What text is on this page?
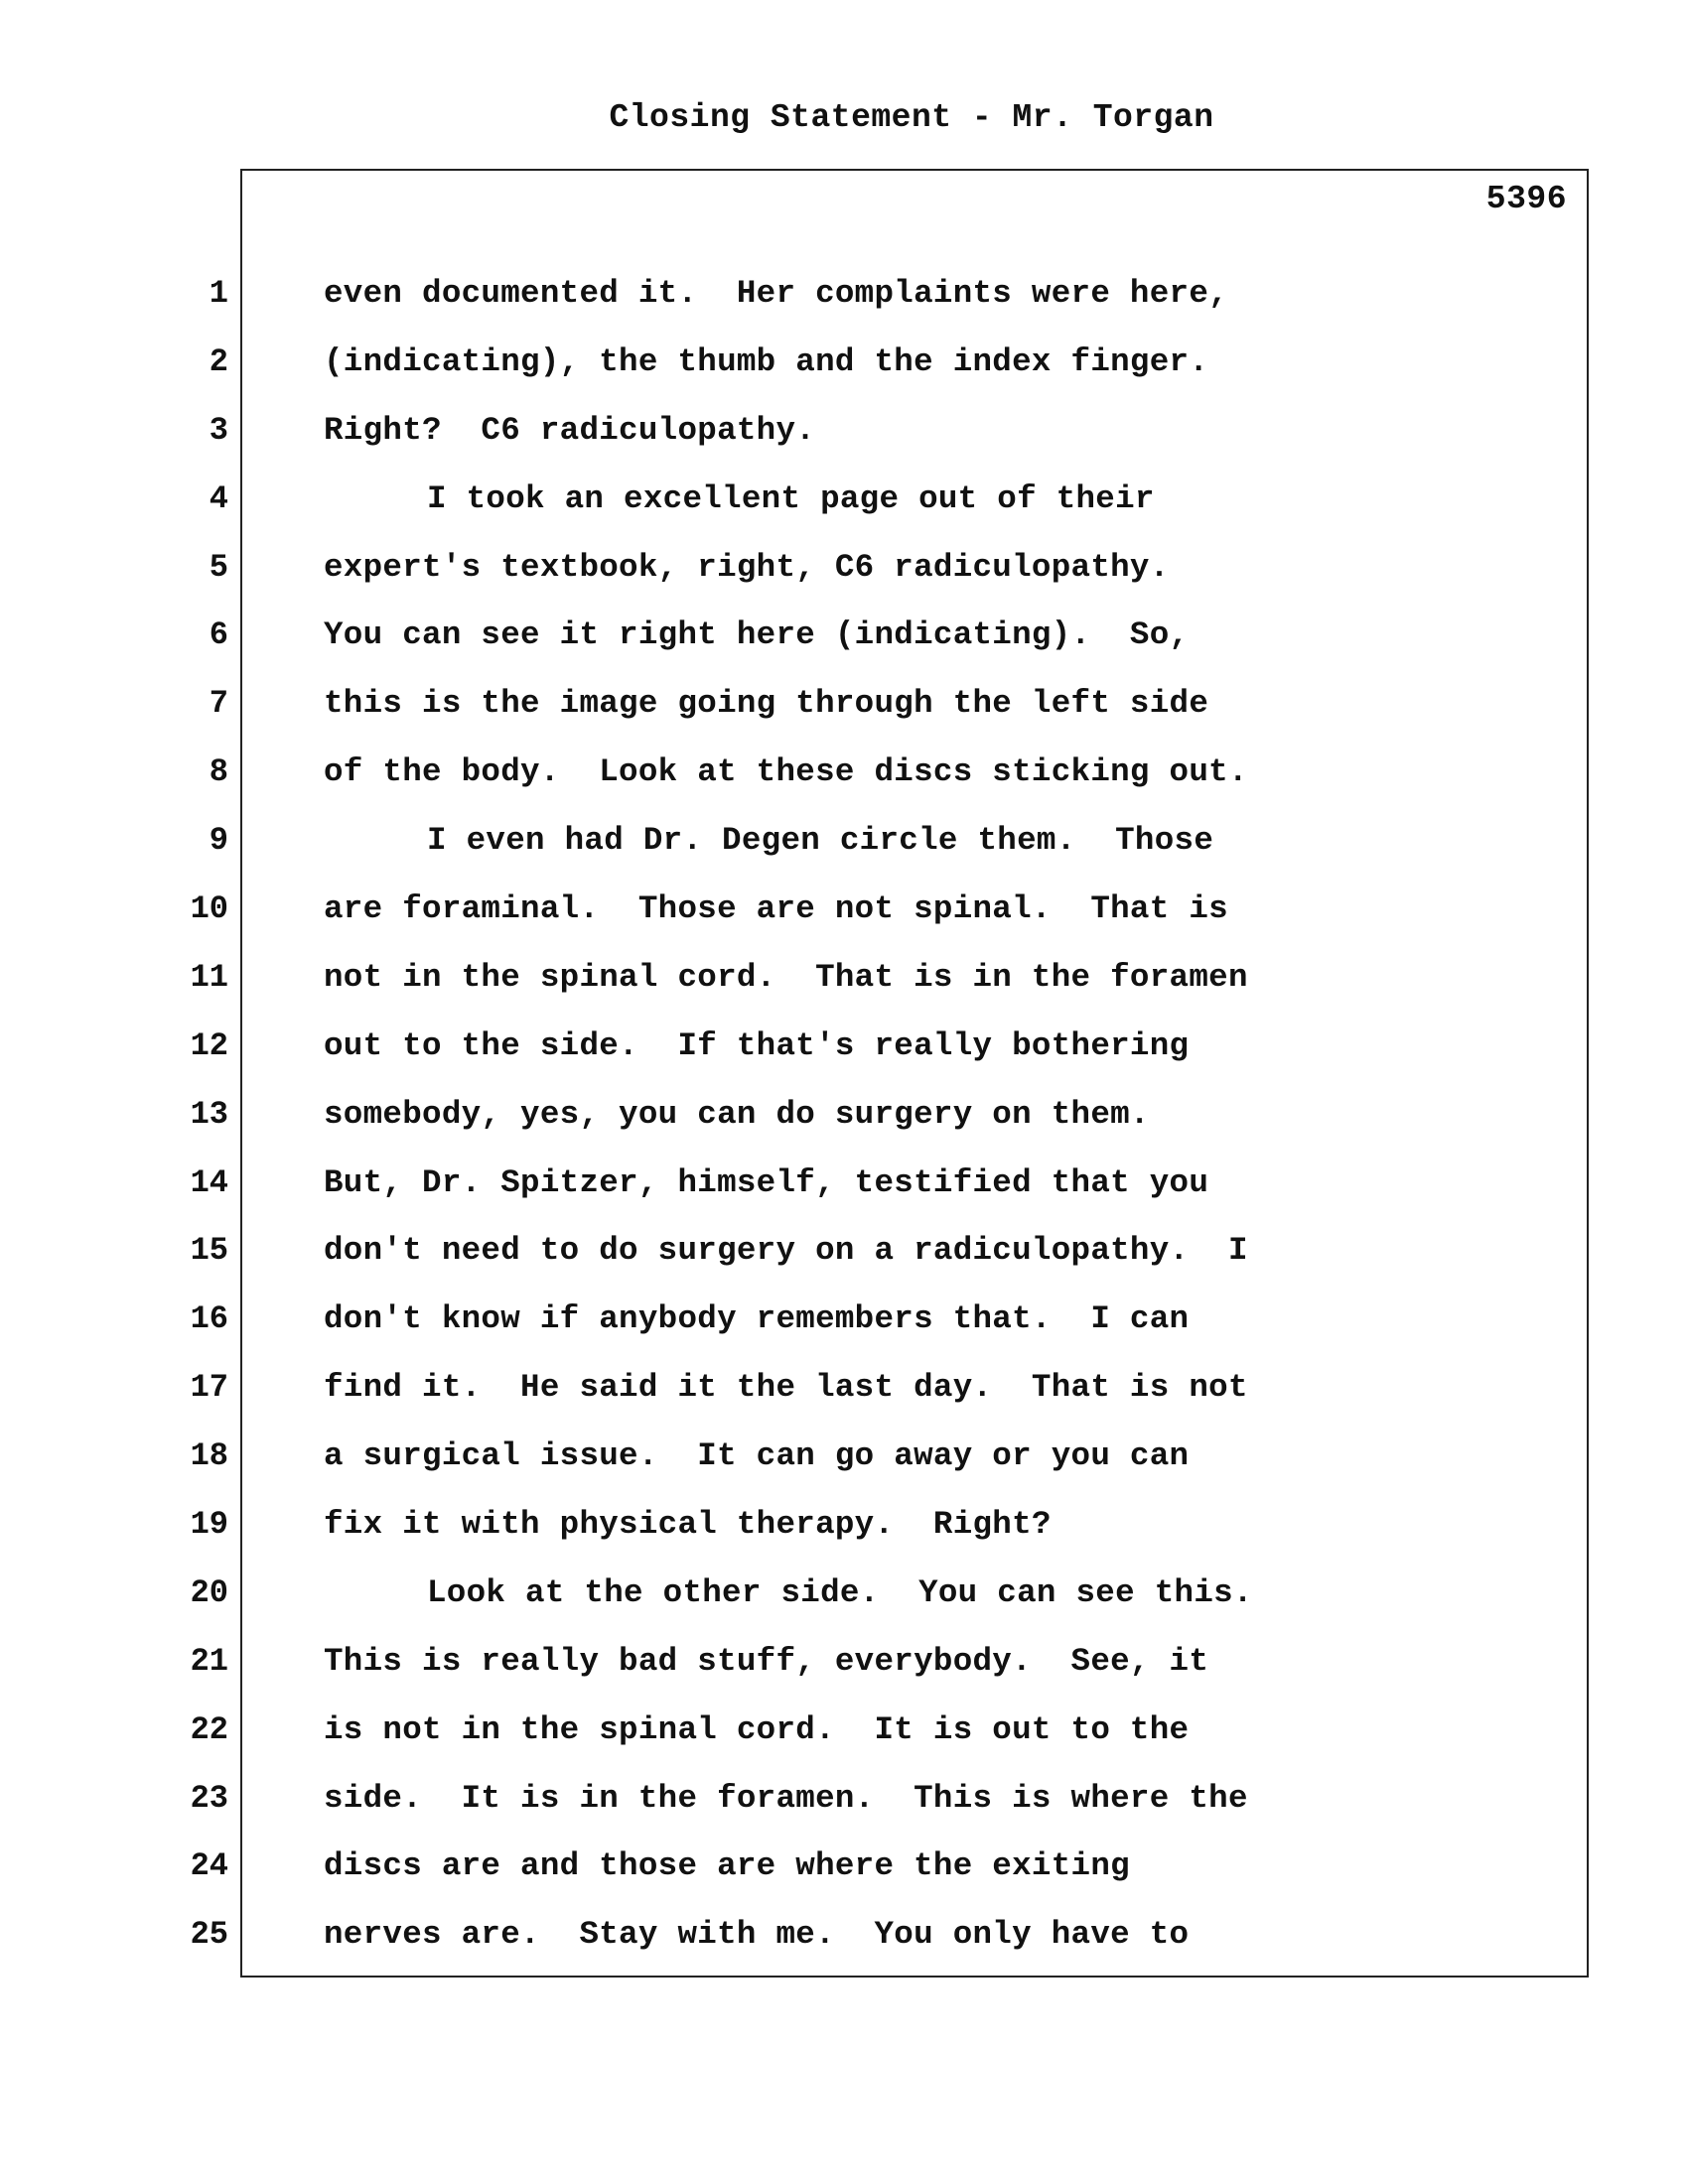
Closing Statement - Mr. Torgan
5396
1
2
3
4
5
6
7
8
9
10
11
12
13
14
15
16
17
18
19
20
21
22
23
24
25
even documented it.  Her complaints were here,
(indicating), the thumb and the index finger.
Right?  C6 radiculopathy.
I took an excellent page out of their
expert's textbook, right, C6 radiculopathy.
You can see it right here (indicating).  So,
this is the image going through the left side
of the body.  Look at these discs sticking out.
I even had Dr. Degen circle them.  Those
are foraminal.  Those are not spinal.  That is
not in the spinal cord.  That is in the foramen
out to the side.  If that's really bothering
somebody, yes, you can do surgery on them.
But, Dr. Spitzer, himself, testified that you
don't need to do surgery on a radiculopathy.  I
don't know if anybody remembers that.  I can
find it.  He said it the last day.  That is not
a surgical issue.  It can go away or you can
fix it with physical therapy.  Right?
Look at the other side.  You can see this.
This is really bad stuff, everybody.  See, it
is not in the spinal cord.  It is out to the
side.  It is in the foramen.  This is where the
discs are and those are where the exiting
nerves are.  Stay with me.  You only have to
